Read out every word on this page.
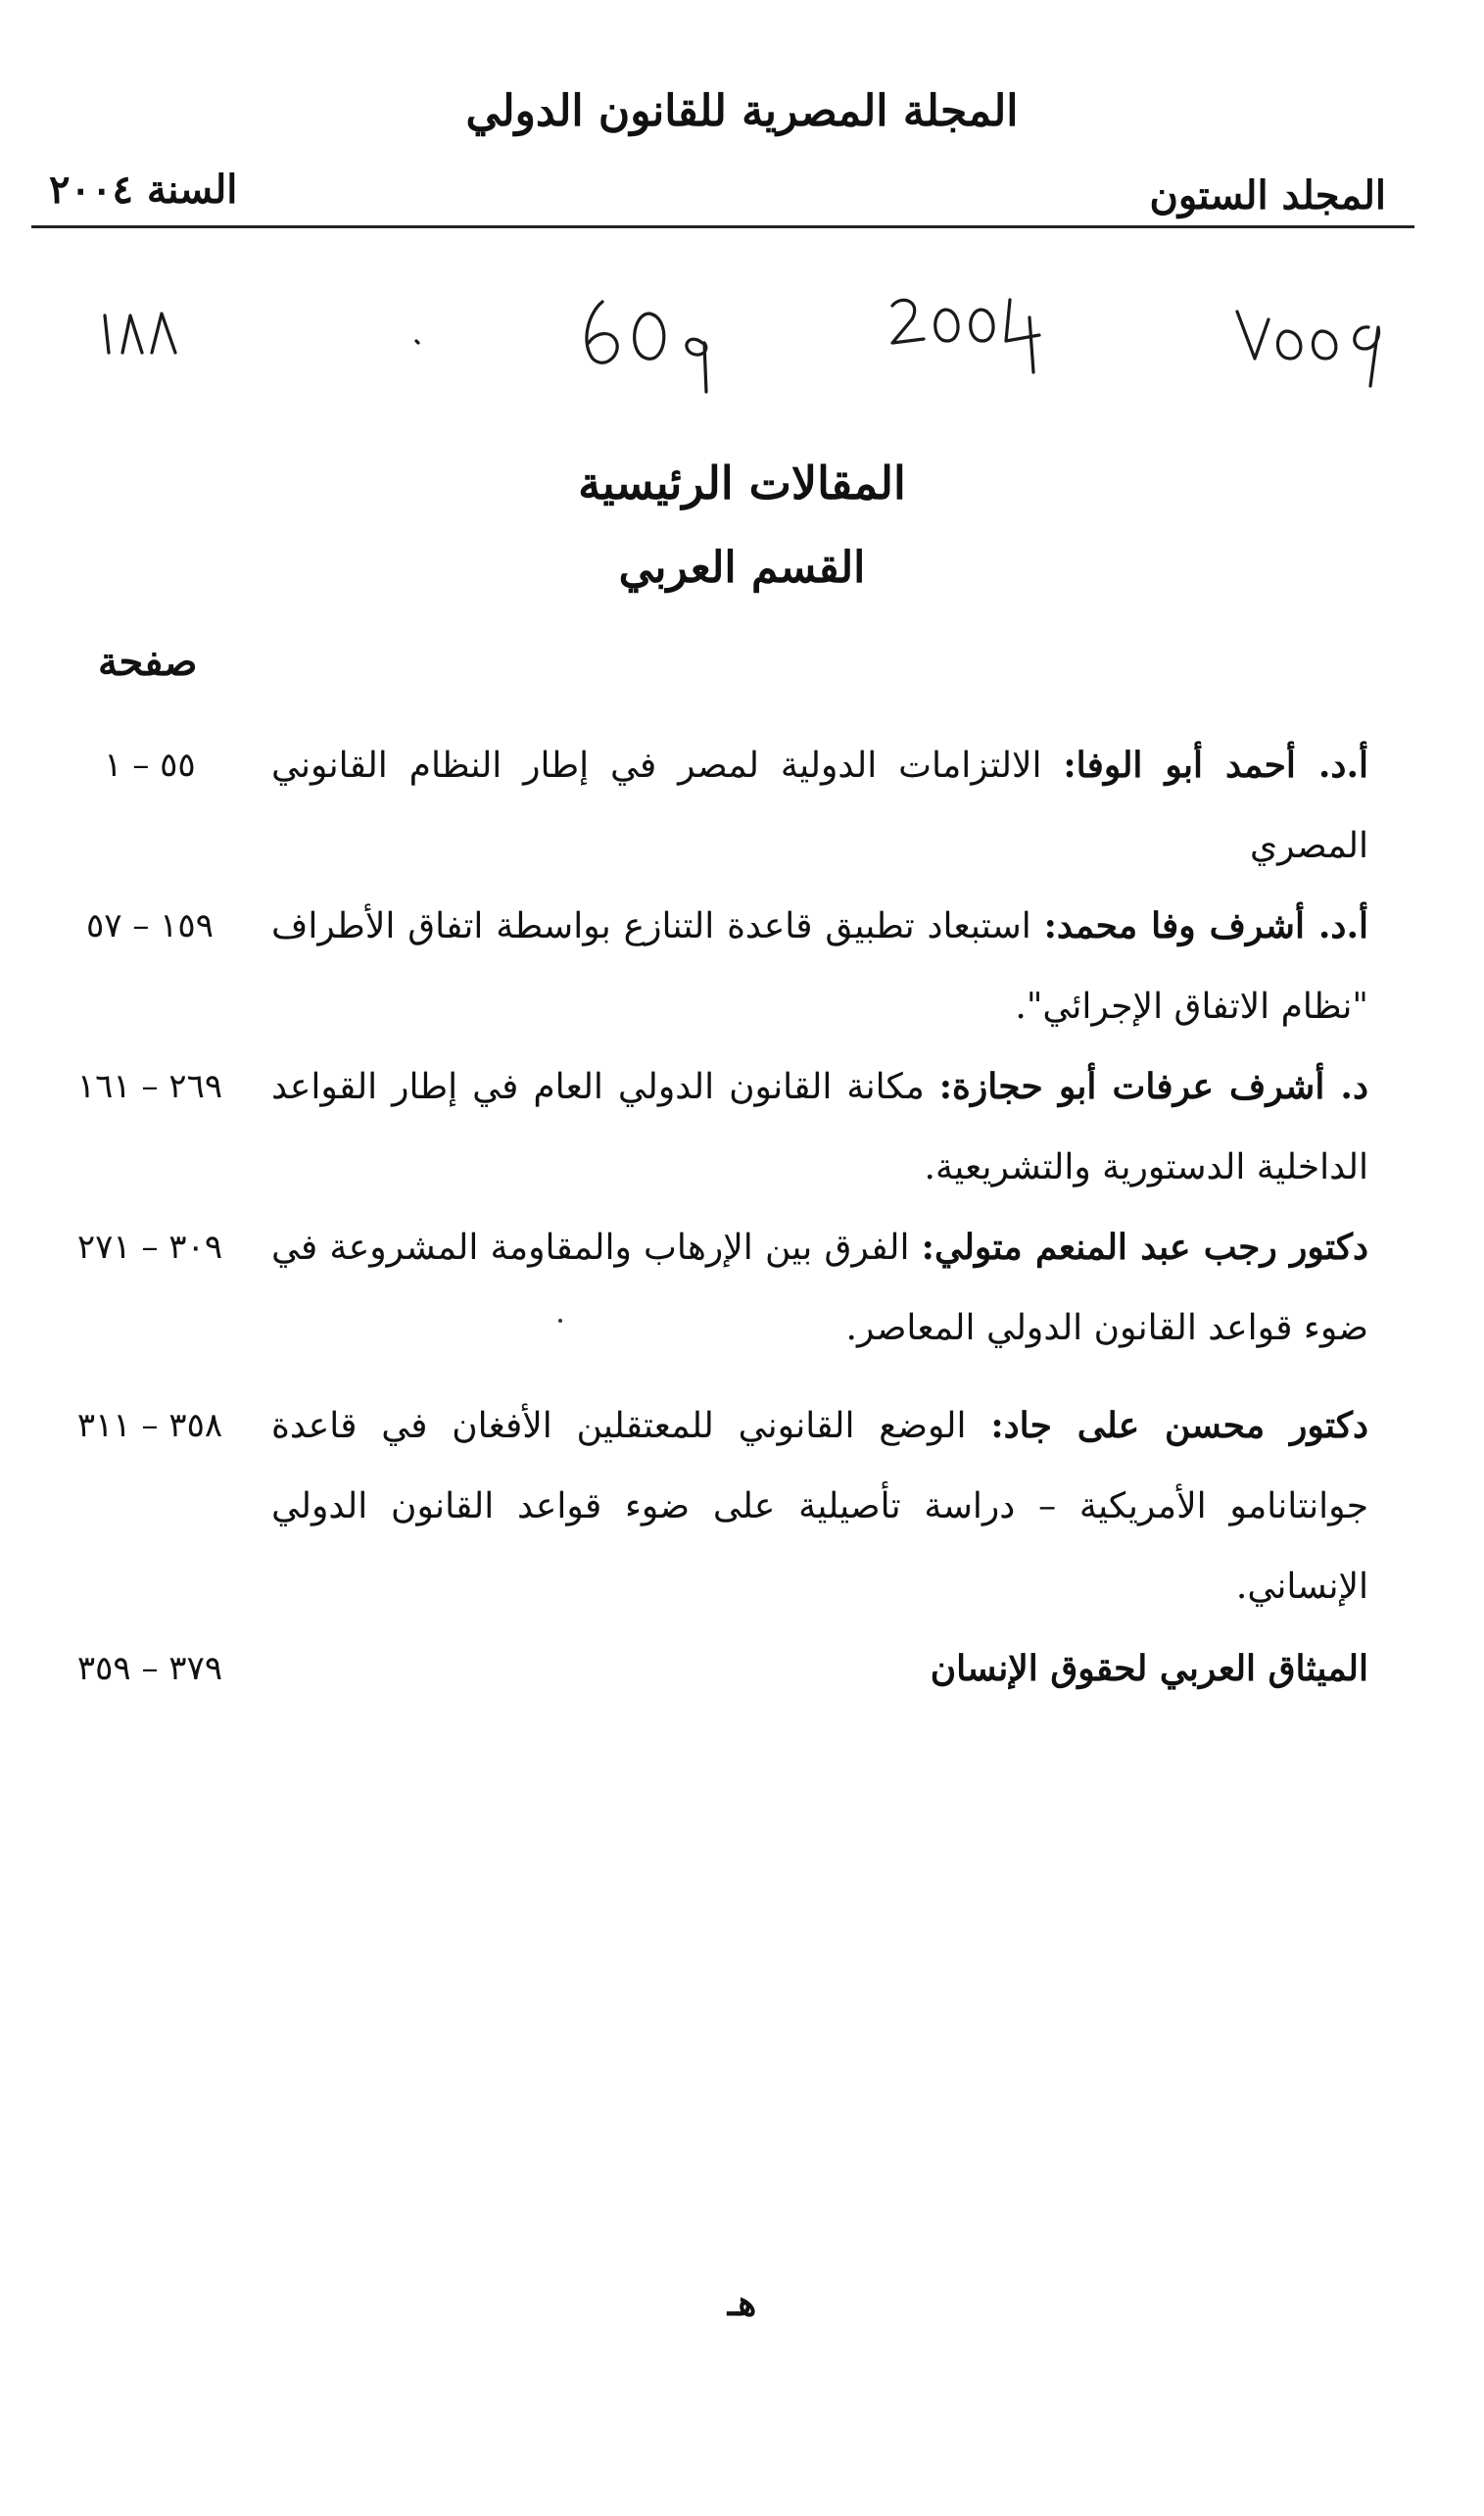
المجلة المصرية للقانون الدولي
المجلد الستون
السنة ٢٠٠٤
المقالات الرئيسية
القسم العربي
صفحة
أ.د. أحمد أبو الوفا: الالتزامات الدولية لمصر في إطار النظام القانوني المصري
١ – ٥٥
أ.د. أشرف وفا محمد: استبعاد تطبيق قاعدة التنازع بواسطة اتفاق الأطراف "نظام الاتفاق الإجرائي".
٥٧ – ١٥٩
د. أشرف عرفات أبو حجازة: مكانة القانون الدولي العام في إطار القواعد الداخلية الدستورية والتشريعية.
١٦١ – ٢٦٩
دكتور رجب عبد المنعم متولي: الفرق بين الإرهاب والمقاومة المشروعة في ضوء قواعد القانون الدولي المعاصر.
٢٧١ – ٣٠٩
دكتور محسن على جاد: الوضع القانوني للمعتقلين الأفغان في قاعدة جوانتانامو الأمريكية – دراسة تأصيلية على ضوء قواعد القانون الدولي الإنساني.
٣١١ – ٣٥٨
الميثاق العربي لحقوق الإنسان
٣٥٩ – ٣٧٩
هـ
